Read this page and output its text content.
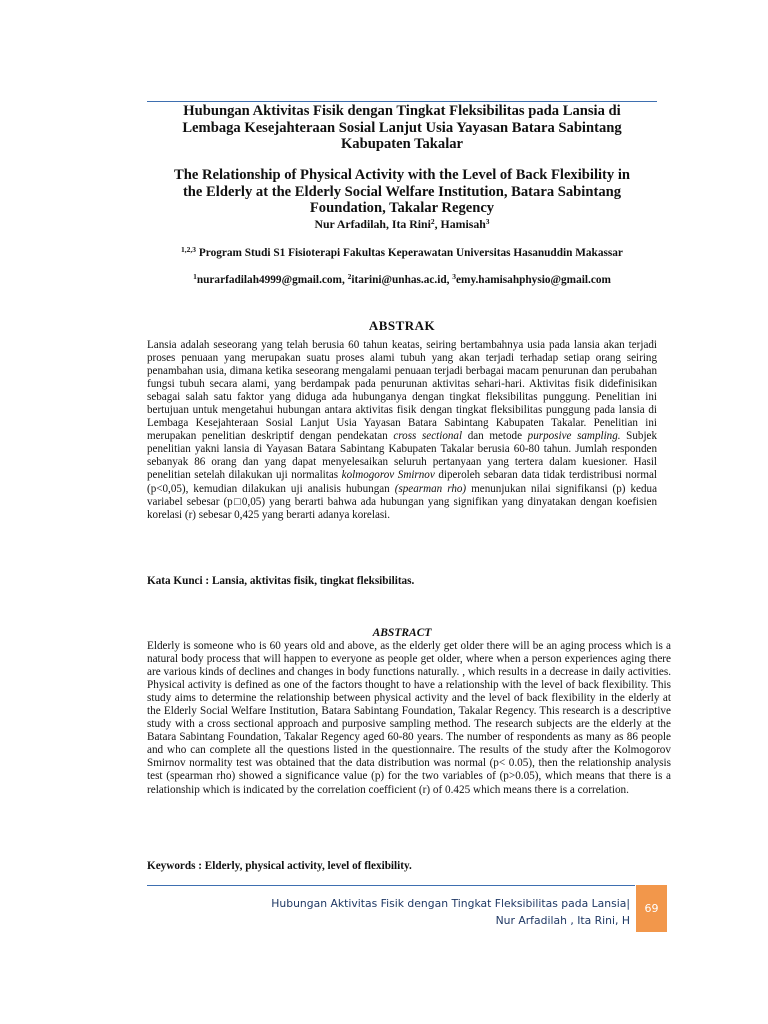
Hubungan Aktivitas Fisik dengan Tingkat Fleksibilitas pada Lansia di
Lembaga Kesejahteraan Sosial Lanjut Usia Yayasan Batara Sabintang
Kabupaten Takalar
The Relationship of Physical Activity with the Level of Back Flexibility in
the Elderly at the Elderly Social Welfare Institution, Batara Sabintang
Foundation, Takalar Regency
Nur Arfadilah, Ita Rini$^2$, Hamisah$^3$
$^{1,2,3}$ Program Studi S1 Fisioterapi Fakultas Keperawatan Universitas Hasanuddin Makassar
$^1$nurarfadilah4999@gmail.com, $^2$itarini@unhas.ac.id, $^3$emy.hamisahphysio@gmail.com
ABSTRAK
Lansia adalah seseorang yang telah berusia 60 tahun keatas, seiring bertambahnya usia pada lansia akan terjadi proses penuaan yang merupakan suatu proses alami tubuh yang akan terjadi terhadap setiap orang seiring penambahan usia, dimana ketika seseorang mengalami penuaan terjadi berbagai macam penurunan dan perubahan fungsi tubuh secara alami, yang berdampak pada penurunan aktivitas sehari-hari. Aktivitas fisik didefinisikan sebagai salah satu faktor yang diduga ada hubunganya dengan tingkat fleksibilitas punggung. Penelitian ini bertujuan untuk mengetahui hubungan antara aktivitas fisik dengan tingkat fleksibilitas punggung pada lansia di Lembaga Kesejahteraan Sosial Lanjut Usia Yayasan Batara Sabintang Kabupaten Takalar. Penelitian ini merupakan penelitian deskriptif dengan pendekatan cross sectional dan metode purposive sampling. Subjek penelitian yakni lansia di Yayasan Batara Sabintang Kabupaten Takalar berusia 60-80 tahun. Jumlah responden sebanyak 86 orang dan yang dapat menyelesaikan seluruh pertanyaan yang tertera dalam kuesioner. Hasil penelitian setelah dilakukan uji normalitas kolmogorov Smirnov diperoleh sebaran data tidak terdistribusi normal (p<0,05), kemudian dilakukan uji analisis hubungan (spearman rho) menunjukan nilai signifikansi (p) kedua variabel sebesar (p□0,05) yang berarti bahwa ada hubungan yang signifikan yang dinyatakan dengan koefisien korelasi (r) sebesar 0,425 yang berarti adanya korelasi.
Kata Kunci : Lansia, aktivitas fisik, tingkat fleksibilitas.
ABSTRACT
Elderly is someone who is 60 years old and above, as the elderly get older there will be an aging process which is a natural body process that will happen to everyone as people get older, where when a person experiences aging there are various kinds of declines and changes in body functions naturally. , which results in a decrease in daily activities. Physical activity is defined as one of the factors thought to have a relationship with the level of back flexibility. This study aims to determine the relationship between physical activity and the level of back flexibility in the elderly at the Elderly Social Welfare Institution, Batara Sabintang Foundation, Takalar Regency. This research is a descriptive study with a cross sectional approach and purposive sampling method. The research subjects are the elderly at the Batara Sabintang Foundation, Takalar Regency aged 60-80 years. The number of respondents as many as 86 people and who can complete all the questions listed in the questionnaire. The results of the study after the Kolmogorov Smirnov normality test was obtained that the data distribution was normal (p< 0.05), then the relationship analysis test (spearman rho) showed a significance value (p) for the two variables of (p>0.05), which means that there is a relationship which is indicated by the correlation coefficient (r) of 0.425 which means there is a correlation.
Keywords : Elderly, physical activity, level of flexibility.
Hubungan Aktivitas Fisik dengan Tingkat Fleksibilitas pada Lansia|
Nur Arfadilah , Ita Rini, H
69
